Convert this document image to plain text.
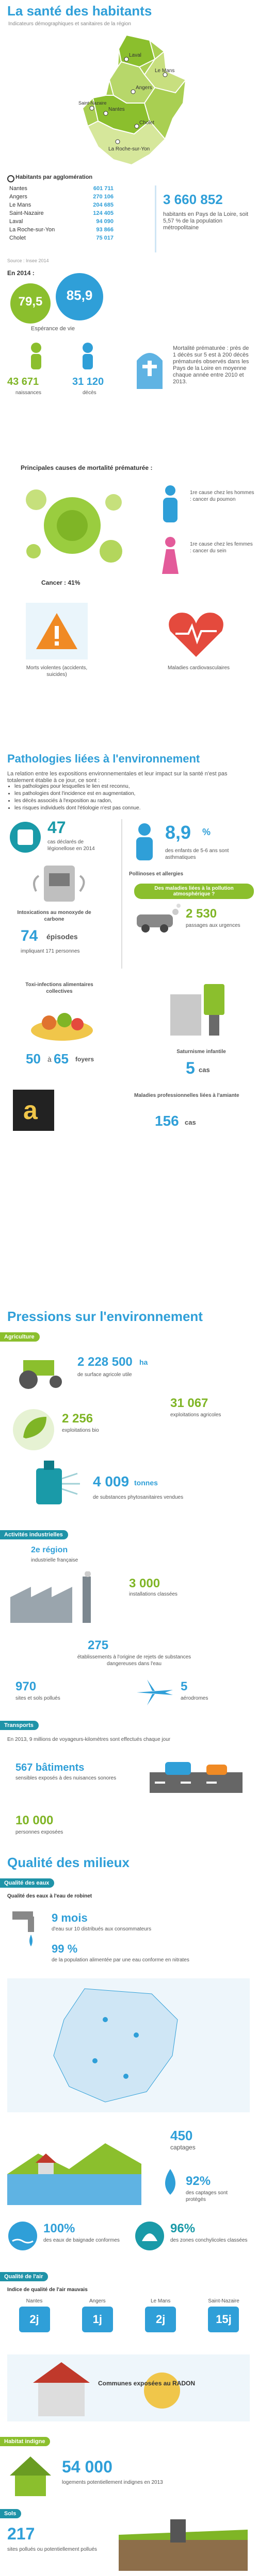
La santé des habitants
Indicateurs démographiques et sanitaires de la région
Laval
Le Mans
Angers
Nantes
Cholet
La Roche-sur-Yon
Saint-Nazaire
Habitants par agglomération
Nantes	601 711
Angers	270 106
Le Mans	204 685
Saint-Nazaire	124 405
Laval	94 090
La Roche-sur-Yon	93 866
Cholet	75 017
3 660 852
habitants en Pays de la Loire, soit 5,57 % de la population métropolitaine
Source : Insee 2014
En 2014 :
79,5	85,9
Espérance de vie
43 671
naissances
31 120
décès
Mortalité prématurée : près de 1 décès sur 5 est à 200 décès prématurés observés dans les Pays de la Loire en moyenne chaque année entre 2010 et 2013.
Principales causes de mortalité prématurée :
Cancer : 41%
1re cause chez les hommes : cancer du poumon
1re cause chez les femmes : cancer du sein
Morts violentes (accidents, suicides)
Maladies cardiovasculaires
Pathologies liées à l'environnement
La relation entre les expositions environnementales et leur impact sur la santé n'est pas totalement établie à ce jour, ce sont :
• les pathologies pour lesquelles le lien est reconnu,
• les pathologies dont l'incidence est en augmentation,
• les décès associés à l'exposition au radon,
• les risques individuels dont l'étiologie n'est pas connue.
47
cas déclarés de légionellose en 2014
Intoxications au monoxyde de carbone
74 épisodes
impliquant 171 personnes
8,9 %
des enfants de 5-6 ans sont asthmatiques
Pollinoses et allergies
Des maladies liées à la pollution atmosphérique ?
2 530
passages aux urgences
Toxi-infections alimentaires collectives
50 à 65 foyers
Saturnisme infantile
5 cas
a
Maladies professionnelles liées à l'amiante
156 cas
Pressions sur l'environnement
Agriculture
2 228 500 ha
de surface agricole utile
31 067
exploitations agricoles
2 256
exploitations bio
4 009 tonnes
de substances phytosanitaires vendues
Activités industrielles
2e région
industrielle française
3 000
installations classées
275
établissements à l'origine de rejets de substances dangereuses dans l'eau
970
sites et sols pollués
5
aérodromes
Transports
En 2013, 9 millions de voyageurs-kilomètres sont effectués chaque jour
567 bâtiments
sensibles exposés à des nuisances sonores
10 000
personnes exposées
Qualité des milieux
Qualité des eaux
Qualité des eaux à l'eau de robinet
9 mois
d'eau sur 10 distribués aux consommateurs
99 %
de la population alimentée par une eau conforme en nitrates
450
captages
92%
des captages sont protégés
100%
des eaux de baignade conformes
96%
des zones conchylicoles classées
Qualité de l'air
Indice de qualité de l'air mauvais
Nantes
2j
Angers
1j
Le Mans
2j
Saint-Nazaire
15j
Communes exposées au RADON
Habitat indigne
54 000
logements potentiellement indignes en 2013
Sols
217
sites pollués ou potentiellement pollués
